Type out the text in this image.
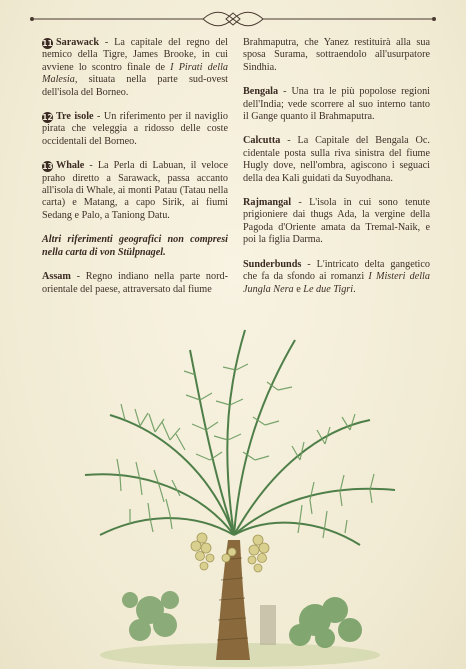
11 Sarawack - La capitale del regno del nemico della Tigre, James Brooke, in cui avviene lo scontro finale de I Pirati della Malesia, situata nella parte sud-ovest dell'isola del Borneo.

12 Tre isole - Un riferimento per il naviglio pirata che veleggia a ridosso delle coste occidentali del Borneo.

13 Whale - La Perla di Labuan, il veloce praho diretto a Sarawack, passa accanto all'isola di Whale, ai monti Patau (Tatau nella carta) e Matang, a capo Sirik, ai fiumi Sedang e Palo, a Taniong Datu.

Altri riferimenti geografici non compresi nella carta di von Stülpnagel.

Assam - Regno indiano nella parte nord-orientale del paese, attraversato dal fiume

Brahmaputra, che Yanez restituirà alla sua sposa Surama, sottraendolo all'usurpatore Sindhia.

Bengala - Una tra le più popolose regioni dell'India; vede scorrere al suo interno tanto il Gange quanto il Brahmaputra.

Calcutta - La Capitale del Bengala Oc. cidentale posta sulla riva sinistra del fiume Hugly dove, nell'ombra, agiscono i seguaci della dea Kalì guidati da Suyodhana.

Rajmangal - L'isola in cui sono tenute prigioniere dai thugs Ada, la vergine della Pagoda d'Oriente amata da Tremal-Naik, e poi la figlia Darma.

Sunderbunds - L'intricato delta gangetico che fa da sfondo ai romanzi I Misteri della Jungla Nera e Le due Tigri.
